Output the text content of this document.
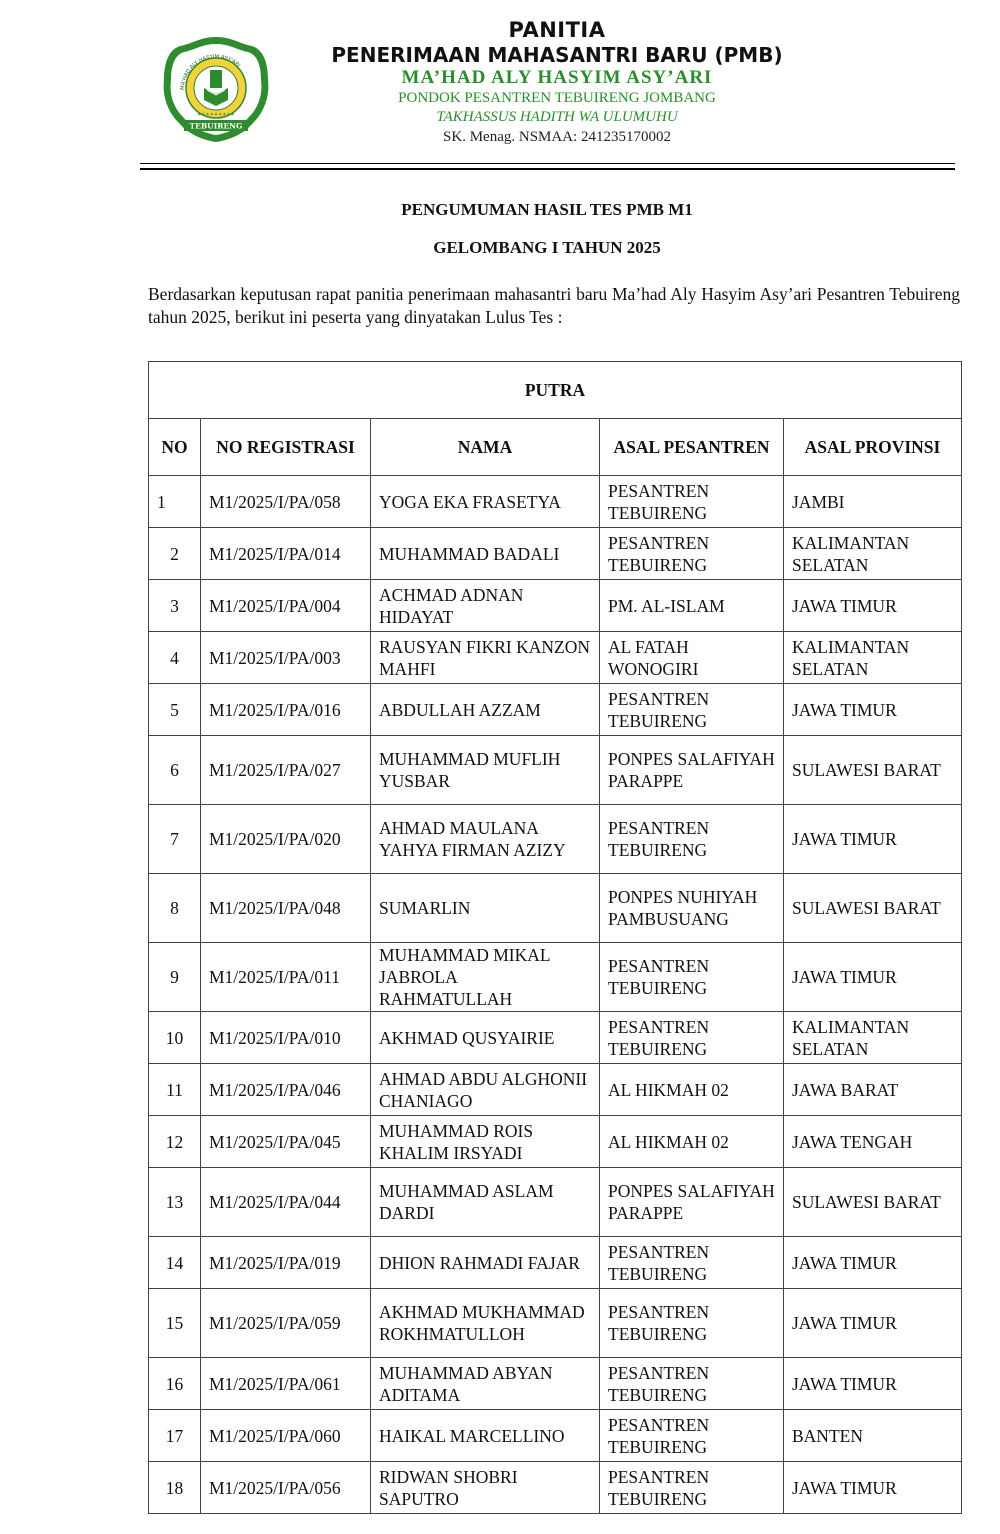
MA'HAD ALY HASYIM ASY'ARI
✶✶✶✶✶✶✶✶✶
TEBUIRENG
PANITIA
PENERIMAAN MAHASANTRI BARU (PMB)
MA’HAD ALY HASYIM ASY’ARI
PONDOK PESANTREN TEBUIRENG JOMBANG
TAKHASSUS HADITH WA ULUMUHU
SK. Menag. NSMAA: 241235170002
PENGUMUMAN HASIL TES PMB M1
GELOMBANG I TAHUN 2025
Berdasarkan keputusan rapat panitia penerimaan mahasantri baru Ma’had Aly Hasyim Asy’ari Pesantren Tebuireng tahun 2025, berikut ini peserta yang dinyatakan Lulus Tes :
PUTRA				
NO	NO REGISTRASI	NAMA	ASAL PESANTREN	ASAL PROVINSI
1	M1/2025/I/PA/058	YOGA EKA FRASETYA	PESANTREN TEBUIRENG	JAMBI
2	M1/2025/I/PA/014	MUHAMMAD BADALI	PESANTREN TEBUIRENG	KALIMANTAN SELATAN
3	M1/2025/I/PA/004	ACHMAD ADNAN HIDAYAT	PM. AL-ISLAM	JAWA TIMUR
4	M1/2025/I/PA/003	RAUSYAN FIKRI KANZON MAHFI	AL FATAH WONOGIRI	KALIMANTAN SELATAN
5	M1/2025/I/PA/016	ABDULLAH AZZAM	PESANTREN TEBUIRENG	JAWA TIMUR
6	M1/2025/I/PA/027	MUHAMMAD MUFLIH YUSBAR	PONPES SALAFIYAH PARAPPE	SULAWESI BARAT
7	M1/2025/I/PA/020	AHMAD MAULANA YAHYA FIRMAN AZIZY	PESANTREN TEBUIRENG	JAWA TIMUR
8	M1/2025/I/PA/048	SUMARLIN	PONPES NUHIYAH PAMBUSUANG	SULAWESI BARAT
9	M1/2025/I/PA/011	MUHAMMAD MIKAL JABROLA RAHMATULLAH	PESANTREN TEBUIRENG	JAWA TIMUR
10	M1/2025/I/PA/010	AKHMAD QUSYAIRIE	PESANTREN TEBUIRENG	KALIMANTAN SELATAN
11	M1/2025/I/PA/046	AHMAD ABDU ALGHONII CHANIAGO	AL HIKMAH 02	JAWA BARAT
12	M1/2025/I/PA/045	MUHAMMAD ROIS KHALIM IRSYADI	AL HIKMAH 02	JAWA TENGAH
13	M1/2025/I/PA/044	MUHAMMAD ASLAM DARDI	PONPES SALAFIYAH PARAPPE	SULAWESI BARAT
14	M1/2025/I/PA/019	DHION RAHMADI FAJAR	PESANTREN TEBUIRENG	JAWA TIMUR
15	M1/2025/I/PA/059	AKHMAD MUKHAMMAD ROKHMATULLOH	PESANTREN TEBUIRENG	JAWA TIMUR
16	M1/2025/I/PA/061	MUHAMMAD ABYAN ADITAMA	PESANTREN TEBUIRENG	JAWA TIMUR
17	M1/2025/I/PA/060	HAIKAL MARCELLINO	PESANTREN TEBUIRENG	BANTEN
18	M1/2025/I/PA/056	RIDWAN SHOBRI SAPUTRO	PESANTREN TEBUIRENG	JAWA TIMUR
